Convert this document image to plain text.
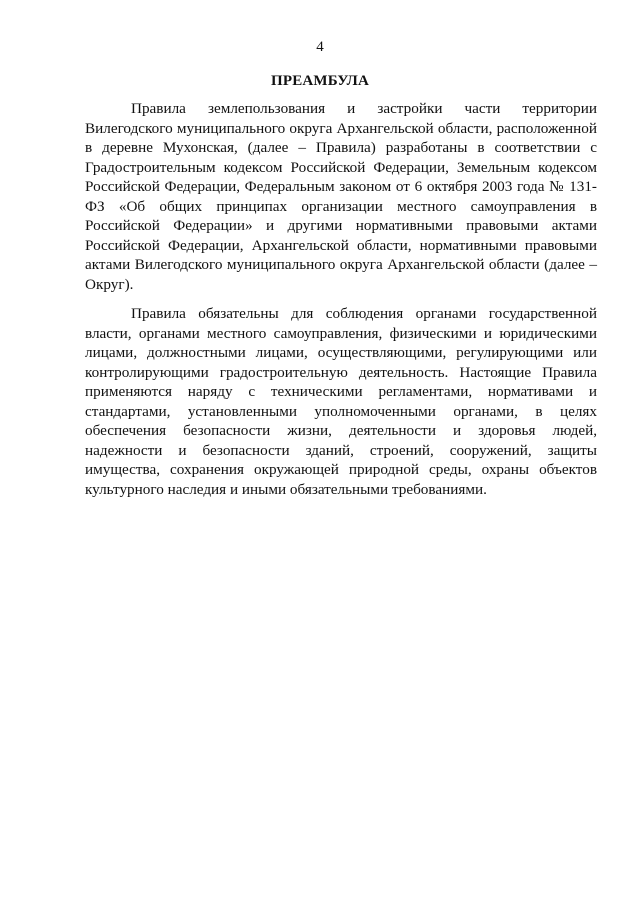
4
ПРЕАМБУЛА

Правила землепользования и застройки части территории Вилегодского муниципального округа Архангельской области, расположенной в деревне Мухонская, (далее – Правила) разработаны в соответствии с Градостроительным кодексом Российской Федерации, Земельным кодексом Российской Федерации, Федеральным законом от 6 октября 2003 года № 131-ФЗ «Об общих принципах организации местного самоуправления в Российской Федерации» и другими нормативными правовыми актами Российской Федерации, Архангельской области, нормативными правовыми актами Вилегодского муниципального округа Архангельской области (далее – Округ).

Правила обязательны для соблюдения органами государственной власти, органами местного самоуправления, физическими и юридическими лицами, должностными лицами, осуществляющими, регулирующими или контролирующими градостроительную деятельность. Настоящие Правила применяются наряду с техническими регламентами, нормативами и стандартами, установленными уполномоченными органами, в целях обеспечения безопасности жизни, деятельности и здоровья людей, надежности и безопасности зданий, строений, сооружений, защиты имущества, сохранения окружающей природной среды, охраны объектов культурного наследия и иными обязательными требованиями.
